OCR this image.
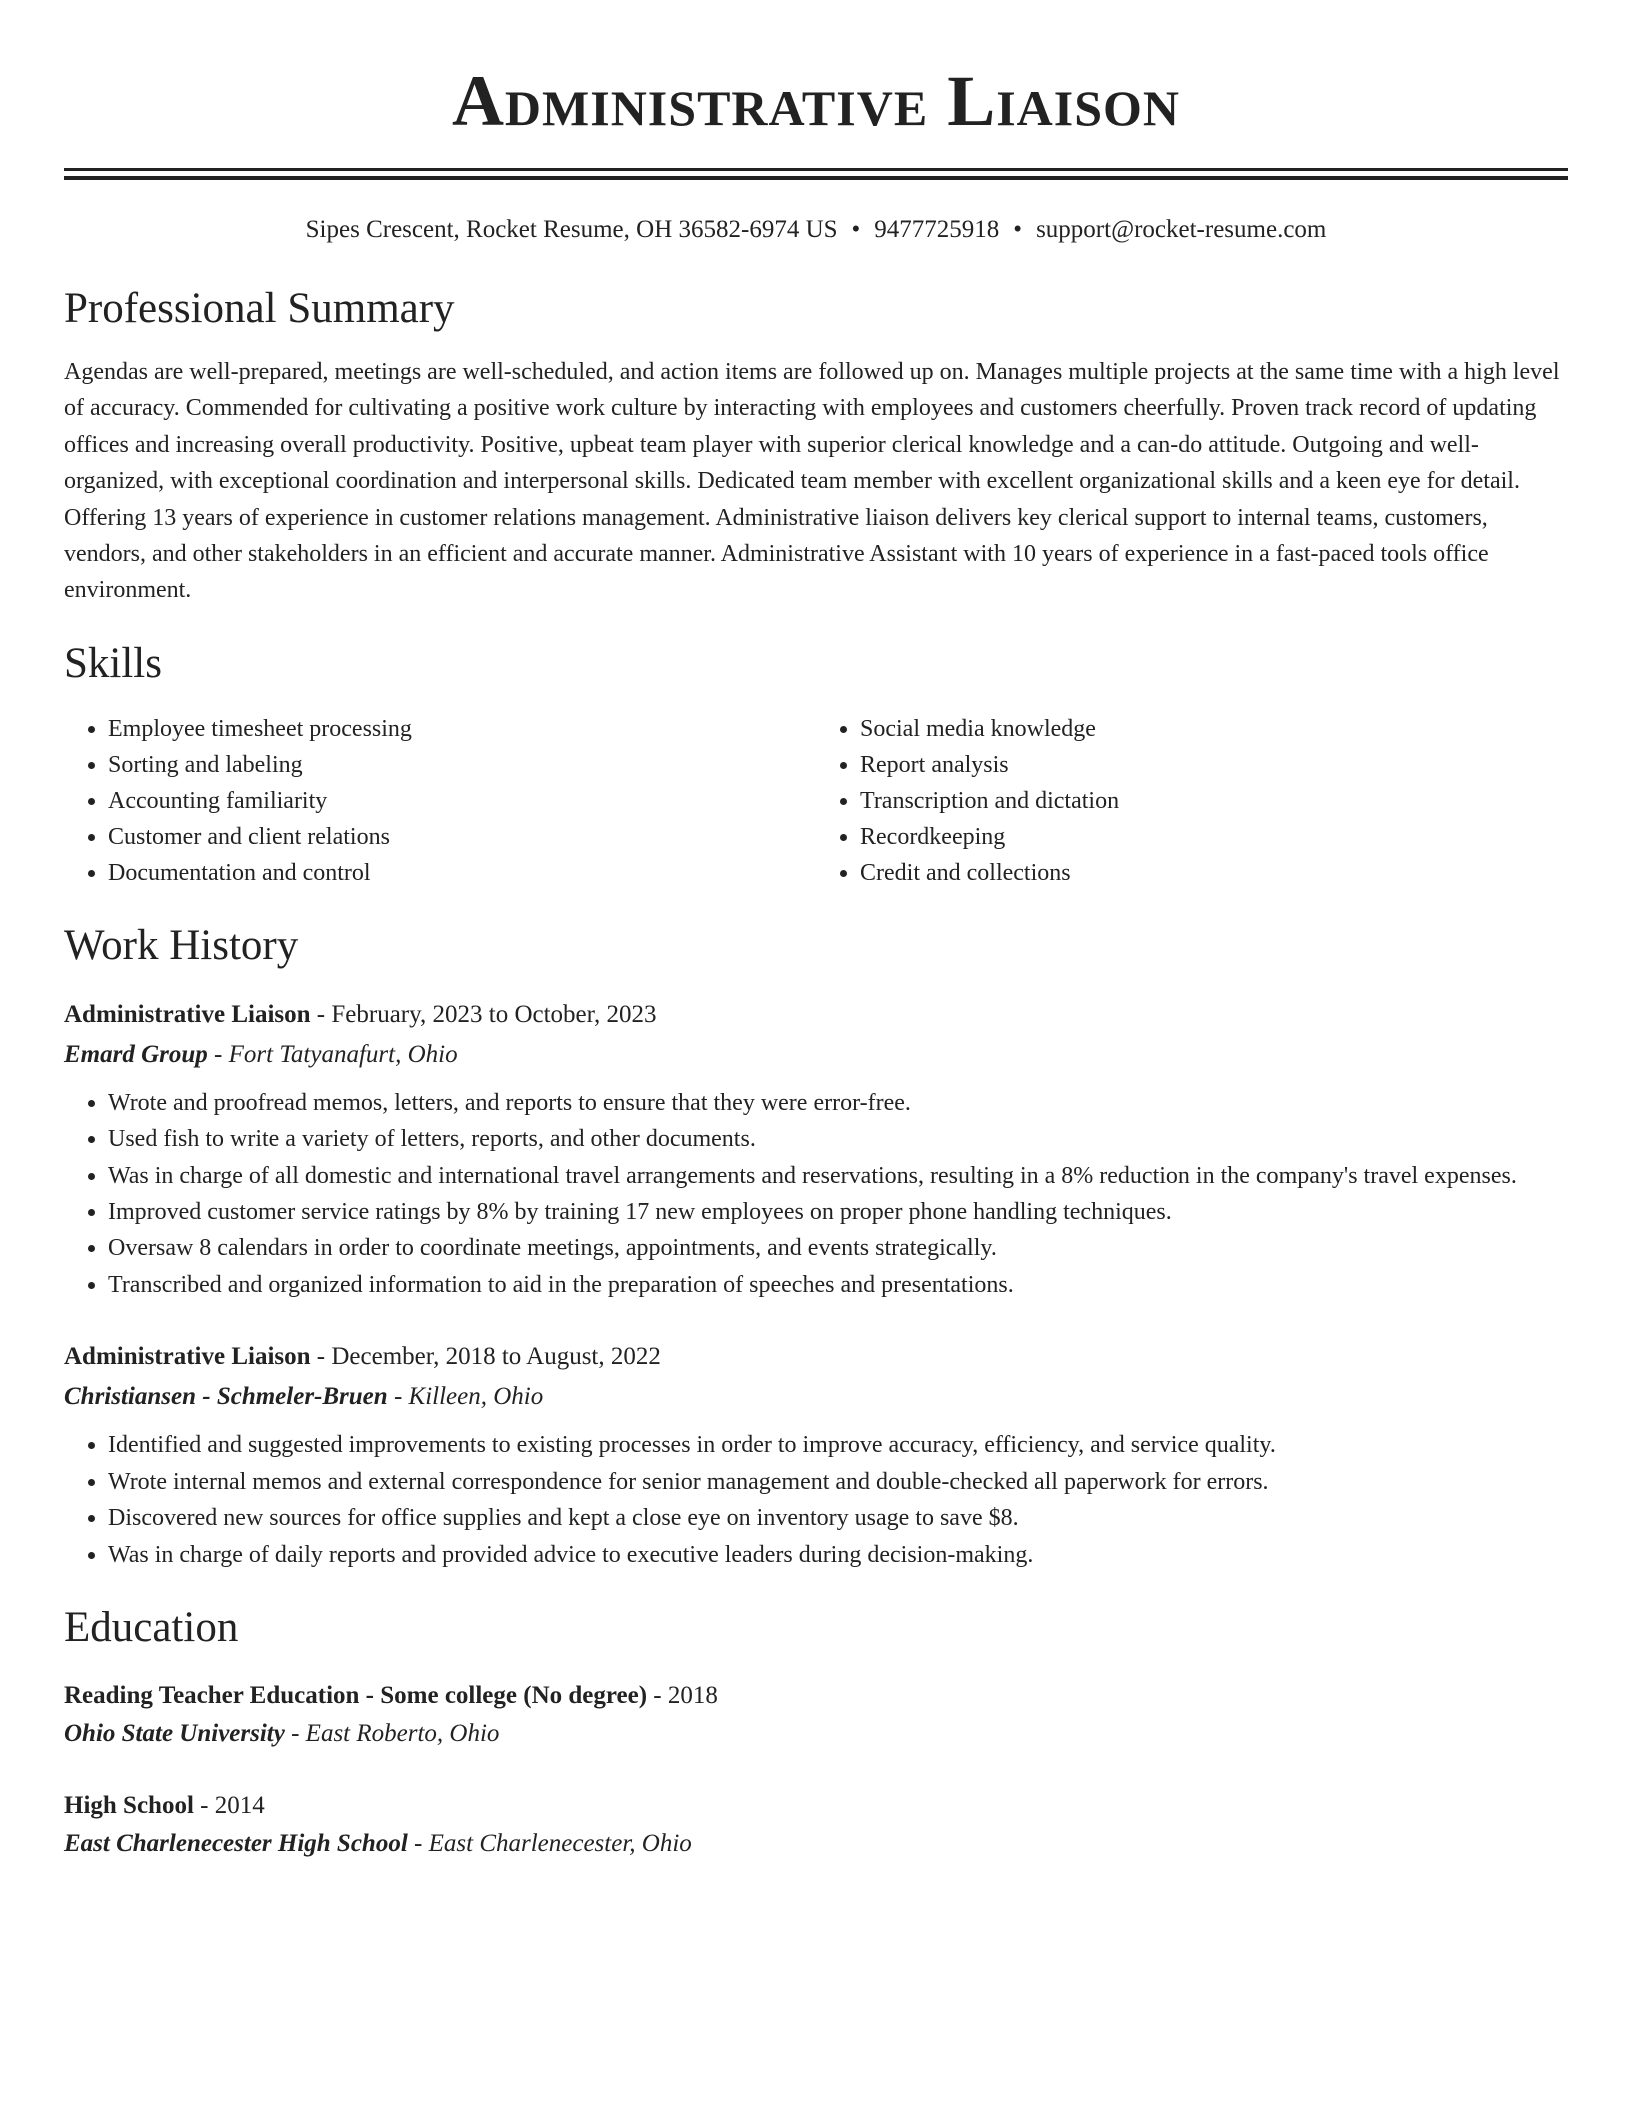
Administrative Liaison
Sipes Crescent, Rocket Resume, OH 36582-6974 US • 9477725918 • support@rocket-resume.com
Professional Summary

Agendas are well-prepared, meetings are well-scheduled, and action items are followed up on. Manages multiple projects at the same time with a high level of accuracy. Commended for cultivating a positive work culture by interacting with employees and customers cheerfully. Proven track record of updating offices and increasing overall productivity. Positive, upbeat team player with superior clerical knowledge and a can-do attitude. Outgoing and well-organized, with exceptional coordination and interpersonal skills. Dedicated team member with excellent organizational skills and a keen eye for detail. Offering 13 years of experience in customer relations management. Administrative liaison delivers key clerical support to internal teams, customers, vendors, and other stakeholders in an efficient and accurate manner. Administrative Assistant with 10 years of experience in a fast-paced tools office environment.

Skills
• Employee timesheet processing
• Sorting and labeling
• Accounting familiarity
• Customer and client relations
• Documentation and control
• Social media knowledge
• Report analysis
• Transcription and dictation
• Recordkeeping
• Credit and collections
Work History
Administrative Liaison - February, 2023 to October, 2023
Emard Group - Fort Tatyanafurt, Ohio
• Wrote and proofread memos, letters, and reports to ensure that they were error-free.
• Used fish to write a variety of letters, reports, and other documents.
• Was in charge of all domestic and international travel arrangements and reservations, resulting in a 8% reduction in the company's travel expenses.
• Improved customer service ratings by 8% by training 17 new employees on proper phone handling techniques.
• Oversaw 8 calendars in order to coordinate meetings, appointments, and events strategically.
• Transcribed and organized information to aid in the preparation of speeches and presentations.
Administrative Liaison - December, 2018 to August, 2022
Christiansen - Schmeler-Bruen - Killeen, Ohio
• Identified and suggested improvements to existing processes in order to improve accuracy, efficiency, and service quality.
• Wrote internal memos and external correspondence for senior management and double-checked all paperwork for errors.
• Discovered new sources for office supplies and kept a close eye on inventory usage to save $8.
• Was in charge of daily reports and provided advice to executive leaders during decision-making.
Education
Reading Teacher Education - Some college (No degree) - 2018
Ohio State University - East Roberto, Ohio
High School - 2014
East Charlenecester High School - East Charlenecester, Ohio
